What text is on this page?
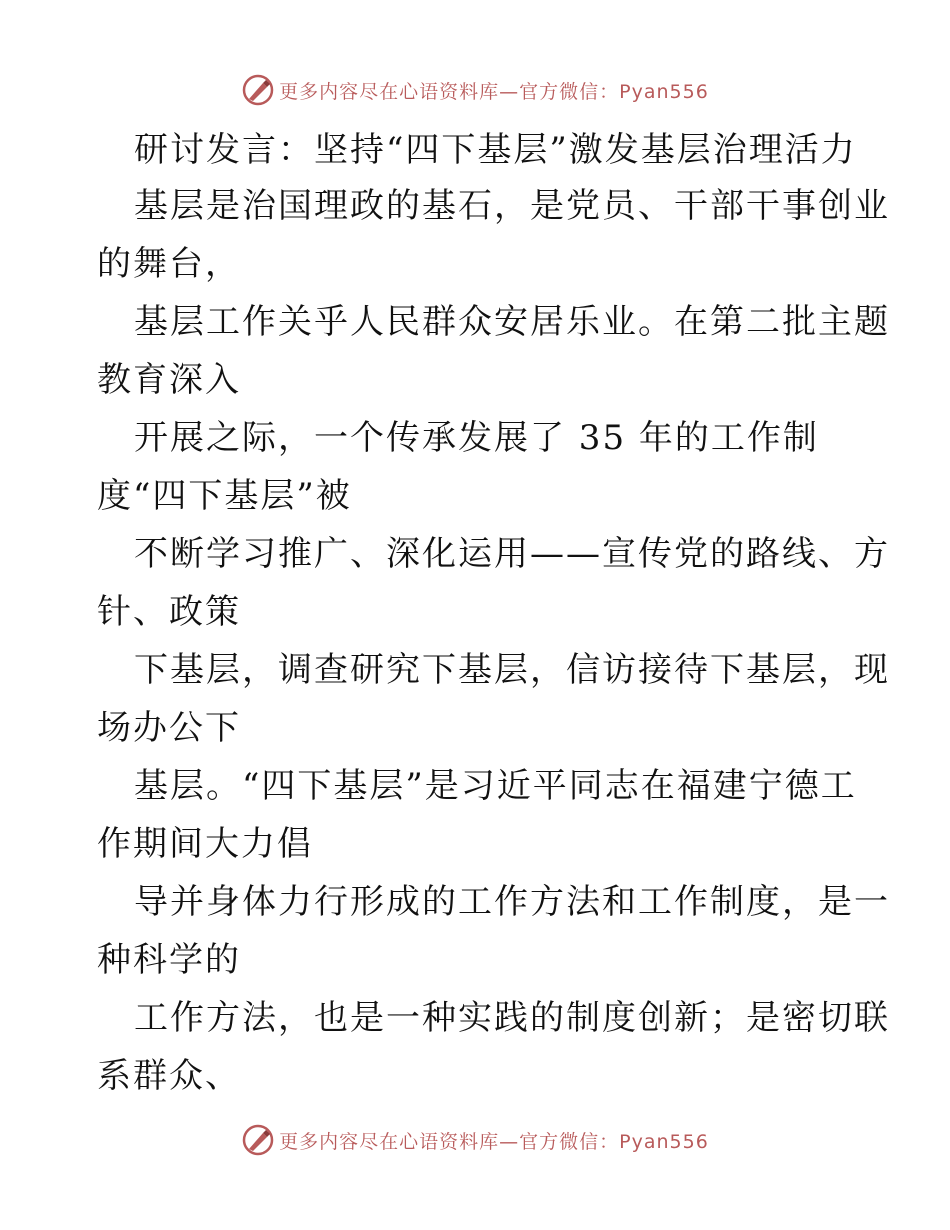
更多内容尽在心语资料库—官方微信：Pyan556

研讨发言：坚持“四下基层”激发基层治理活力

基层是治国理政的基石，是党员、干部干事创业

的舞台，

基层工作关乎人民群众安居乐业。在第二批主题

教育深入

开展之际，一个传承发展了 35 年的工作制

度“四下基层”被

不断学习推广、深化运用——宣传党的路线、方

针、政策

下基层，调查研究下基层，信访接待下基层，现

场办公下

基层。“四下基层”是习近平同志在福建宁德工

作期间大力倡

导并身体力行形成的工作方法和工作制度，是一

种科学的

工作方法，也是一种实践的制度创新；是密切联

系群众、

更多内容尽在心语资料库—官方微信：Pyan556
